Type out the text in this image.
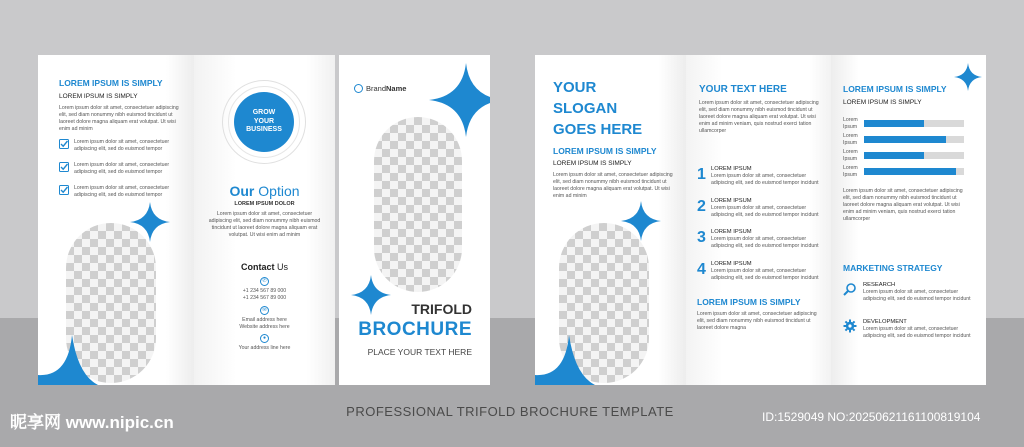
LOREM IPSUM IS SIMPLY
LOREM IPSUM IS SIMPLY
Lorem ipsum dolor sit amet, consectetuer adipiscing elit, sed diam nonummy nibh euismod tincidunt ut laoreet dolore magna aliquam erat volutpat. Ut wisi enim ad minim
Lorem ipsum dolor sit amet, consectetuer adipiscing elit, sed do euismod tempor
Lorem ipsum dolor sit amet, consectetuer adipiscing elit, sed do euismod tempor
Lorem ipsum dolor sit amet, consectetuer adipiscing elit, sed do euismod tempor
GROW
YOUR
BUSINESS
Our Option
LOREM IPSUM DOLOR
Lorem ipsum dolor sit amet, consectetuer adipiscing elit, sed diam nonummy nibh euismod tincidunt ut laoreet dolore magna aliquam erat volutpat. Ut wisi enim ad minim
Contact Us
✆
+1 234 567 89 000
+1 234 567 89 000
✉
Email address here
Website address here
●
Your address line here
Brand Name
TRIFOLD
BROCHURE
PLACE YOUR TEXT HERE
YOUR
SLOGAN
GOES HERE
LOREM IPSUM IS SIMPLY
LOREM IPSUM IS SIMPLY
Lorem ipsum dolor sit amet, consectetuer adipiscing elit, sed diam nonummy nibh euismod tincidunt ut laoreet dolore magna aliquam erat volutpat. Ut wisi enim ad minim
YOUR TEXT HERE
Lorem ipsum dolor sit amet, consectetuer adipiscing elit, sed diam nonummy nibh euismod tincidunt ut laoreet dolore magna aliquam erat volutpat. Ut wisi enim ad minim veniam, quis nostrud exerci tation ullamcorper
1 LOREM IPSUM
Lorem ipsum dolor sit amet, consectetuer adipiscing elit, sed do euismod tempor incidunt
2 LOREM IPSUM
Lorem ipsum dolor sit amet, consectetuer adipiscing elit, sed do euismod tempor incidunt
3 LOREM IPSUM
Lorem ipsum dolor sit amet, consectetuer adipiscing elit, sed do euismod tempor incidunt
4 LOREM IPSUM
Lorem ipsum dolor sit amet, consectetuer adipiscing elit, sed do euismod tempor incidunt
LOREM IPSUM IS SIMPLY
Lorem ipsum dolor sit amet, consectetuer adipiscing elit, sed diam nonummy nibh euismod tincidunt ut laoreet dolore magna
LOREM IPSUM IS SIMPLY
LOREM IPSUM IS SIMPLY
Lorem Ipsum
Lorem Ipsum
Lorem Ipsum
Lorem Ipsum
Lorem ipsum dolor sit amet, consectetuer adipiscing elit, sed diam nonummy nibh euismod tincidunt ut laoreet dolore magna aliquam erat volutpat. Ut wisi enim ad minim veniam, quis nostrud exerci tation ullamcorper
MARKETING STRATEGY
RESEARCH
Lorem ipsum dolor sit amet, consectetuer adipiscing elit, sed do euismod tempor incidunt
DEVELOPMENT
Lorem ipsum dolor sit amet, consectetuer adipiscing elit, sed do euismod tempor incidunt
PROFESSIONAL TRIFOLD BROCHURE TEMPLATE
昵享网 www.nipic.cn	ID:1529049 NO:20250621161100819104
